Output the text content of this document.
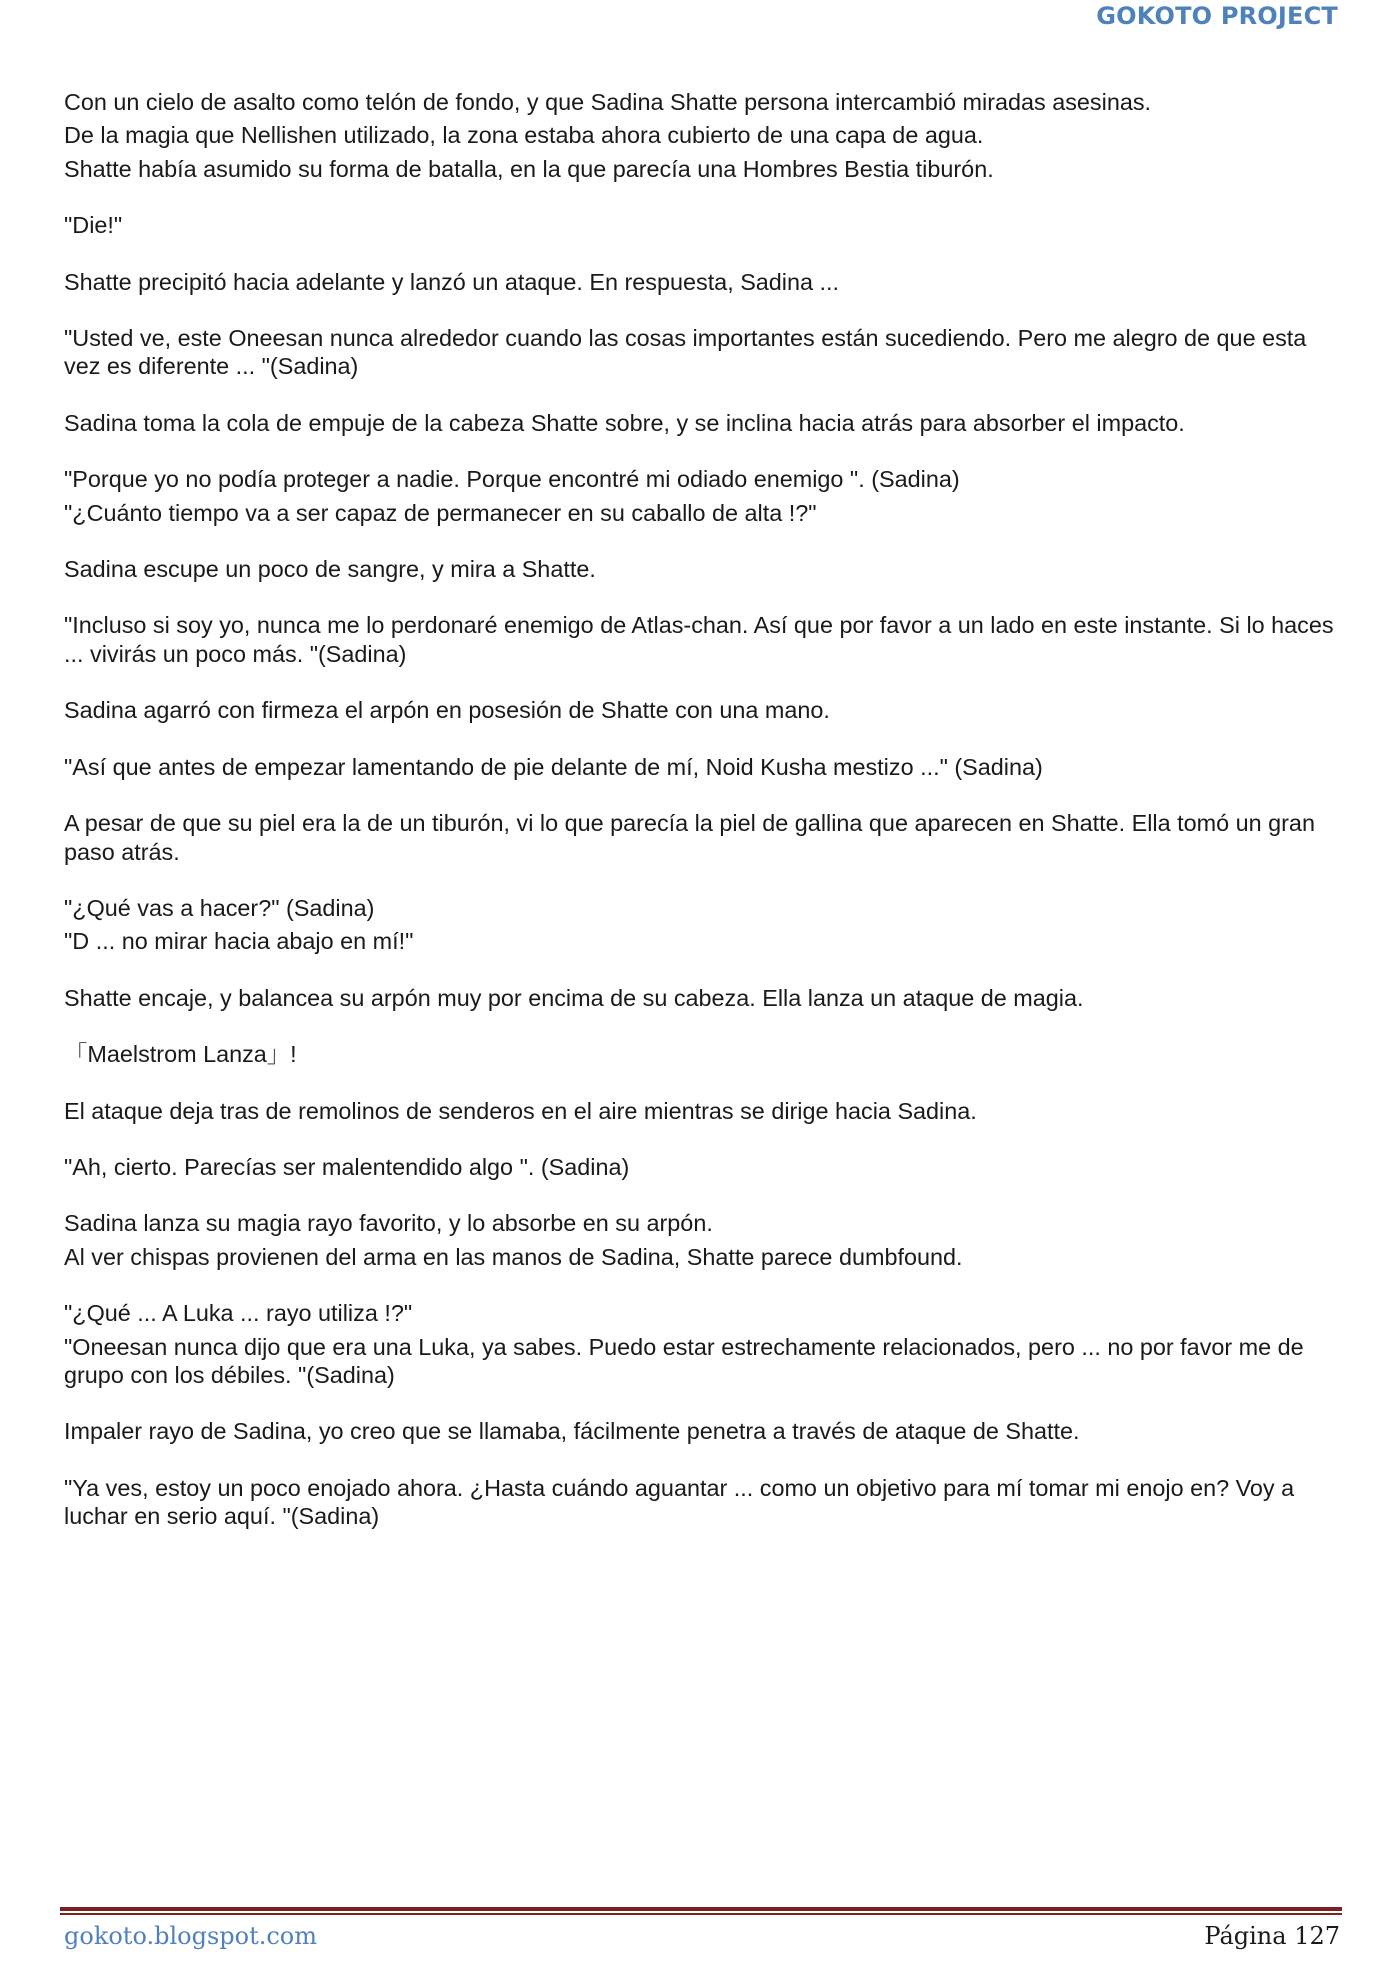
GOKOTO PROJECT

Con un cielo de asalto como telón de fondo, y que Sadina Shatte persona intercambió miradas asesinas.

De la magia que Nellishen utilizado, la zona estaba ahora cubierto de una capa de agua.

Shatte había asumido su forma de batalla, en la que parecía una Hombres Bestia tiburón.

"Die!"

Shatte precipitó hacia adelante y lanzó un ataque. En respuesta, Sadina ...

"Usted ve, este Oneesan nunca alrededor cuando las cosas importantes están sucediendo. Pero me alegro de que esta vez es diferente ... "(Sadina)

Sadina toma la cola de empuje de la cabeza Shatte sobre, y se inclina hacia atrás para absorber el impacto.

"Porque yo no podía proteger a nadie. Porque encontré mi odiado enemigo ". (Sadina)

"¿Cuánto tiempo va a ser capaz de permanecer en su caballo de alta !?"

Sadina escupe un poco de sangre, y mira a Shatte.

"Incluso si soy yo, nunca me lo perdonaré enemigo de Atlas-chan. Así que por favor a un lado en este instante. Si lo haces ... vivirás un poco más. "(Sadina)

Sadina agarró con firmeza el arpón en posesión de Shatte con una mano.

"Así que antes de empezar lamentando de pie delante de mí, Noid Kusha mestizo ..." (Sadina)

A pesar de que su piel era la de un tiburón, vi lo que parecía la piel de gallina que aparecen en Shatte. Ella tomó un gran paso atrás.

"¿Qué vas a hacer?" (Sadina)

"D ... no mirar hacia abajo en mí!"

Shatte encaje, y balancea su arpón muy por encima de su cabeza. Ella lanza un ataque de magia.

「Maelstrom Lanza」!

El ataque deja tras de remolinos de senderos en el aire mientras se dirige hacia Sadina.

"Ah, cierto. Parecías ser malentendido algo ". (Sadina)

Sadina lanza su magia rayo favorito, y lo absorbe en su arpón.

Al ver chispas provienen del arma en las manos de Sadina, Shatte parece dumbfound.

"¿Qué ... A Luka ... rayo utiliza !?"

"Oneesan nunca dijo que era una Luka, ya sabes. Puedo estar estrechamente relacionados, pero ... no por favor me de grupo con los débiles. "(Sadina)

Impaler rayo de Sadina, yo creo que se llamaba, fácilmente penetra a través de ataque de Shatte.

"Ya ves, estoy un poco enojado ahora. ¿Hasta cuándo aguantar ... como un objetivo para mí tomar mi enojo en? Voy a luchar en serio aquí. "(Sadina)

gokoto.blogspot.com	Página 127
